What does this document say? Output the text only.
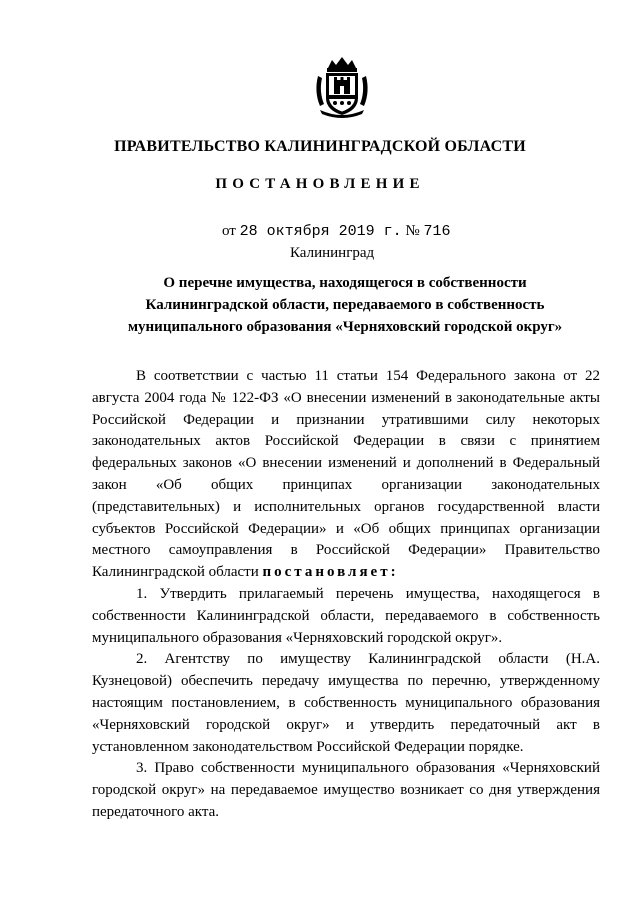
ПРАВИТЕЛЬСТВО КАЛИНИНГРАДСКОЙ ОБЛАСТИ
ПОСТАНОВЛЕНИЕ
от 28 октября 2019 г. № 716
Калининград
О перечне имущества, находящегося в собственности
Калининградской области, передаваемого в собственность
муниципального образования «Черняховский городской округ»

В соответствии с частью 11 статьи 154 Федерального закона от 22 августа 2004 года № 122-ФЗ «О внесении изменений в законодательные акты Российской Федерации и признании утратившими силу некоторых законодательных актов Российской Федерации в связи с принятием федеральных законов «О внесении изменений и дополнений в Федеральный закон «Об общих принципах организации законодательных (представительных) и исполнительных органов государственной власти субъектов Российской Федерации» и «Об общих принципах организации местного самоуправления в Российской Федерации» Правительство Калининградской области постановляет:

1. Утвердить прилагаемый перечень имущества, находящегося в собственности Калининградской области, передаваемого в собственность муниципального образования «Черняховский городской округ».

2. Агентству по имуществу Калининградской области (Н.А. Кузнецовой) обеспечить передачу имущества по перечню, утвержденному настоящим постановлением, в собственность муниципального образования «Черняховский городской округ» и утвердить передаточный акт в установленном законодательством Российской Федерации порядке.

3. Право собственности муниципального образования «Черняховский городской округ» на передаваемое имущество возникает со дня утверждения передаточного акта.
